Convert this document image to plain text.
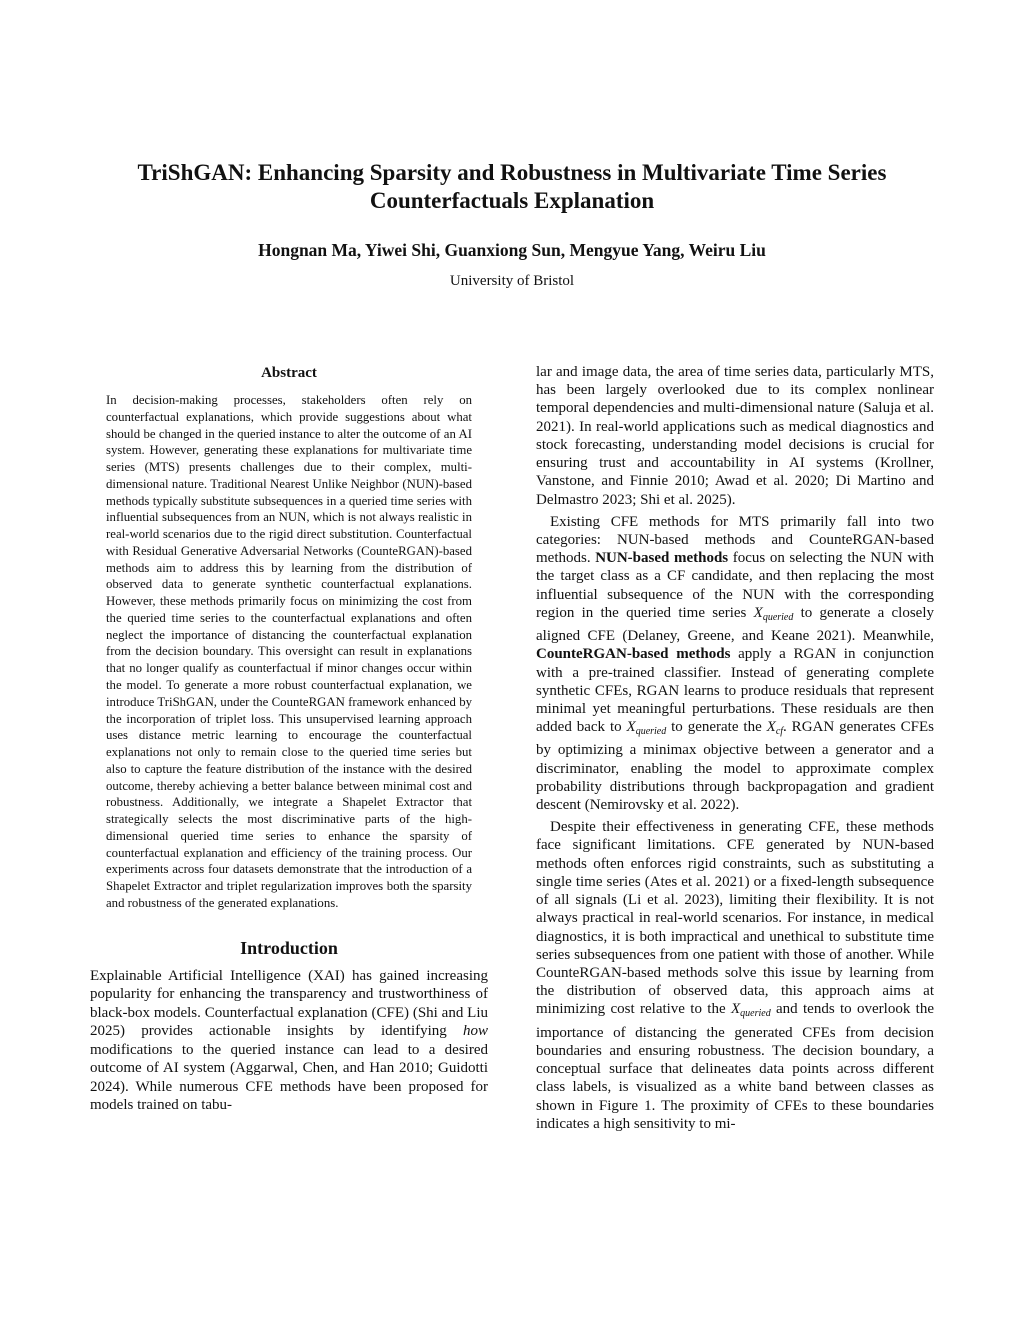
TriShGAN: Enhancing Sparsity and Robustness in Multivariate Time Series
Counterfactuals Explanation
Hongnan Ma, Yiwei Shi, Guanxiong Sun, Mengyue Yang, Weiru Liu
University of Bristol
Abstract
In decision-making processes, stakeholders often rely on counterfactual explanations, which provide suggestions about what should be changed in the queried instance to alter the outcome of an AI system. However, generating these explanations for multivariate time series (MTS) presents challenges due to their complex, multi-dimensional nature. Traditional Nearest Unlike Neighbor (NUN)-based methods typically substitute subsequences in a queried time series with influential subsequences from an NUN, which is not always realistic in real-world scenarios due to the rigid direct substitution. Counterfactual with Residual Generative Adversarial Networks (CounteRGAN)-based methods aim to address this by learning from the distribution of observed data to generate synthetic counterfactual explanations. However, these methods primarily focus on minimizing the cost from the queried time series to the counterfactual explanations and often neglect the importance of distancing the counterfactual explanation from the decision boundary. This oversight can result in explanations that no longer qualify as counterfactual if minor changes occur within the model. To generate a more robust counterfactual explanation, we introduce TriShGAN, under the CounteRGAN framework enhanced by the incorporation of triplet loss. This unsupervised learning approach uses distance metric learning to encourage the counterfactual explanations not only to remain close to the queried time series but also to capture the feature distribution of the instance with the desired outcome, thereby achieving a better balance between minimal cost and robustness. Additionally, we integrate a Shapelet Extractor that strategically selects the most discriminative parts of the high-dimensional queried time series to enhance the sparsity of counterfactual explanation and efficiency of the training process. Our experiments across four datasets demonstrate that the introduction of a Shapelet Extractor and triplet regularization improves both the sparsity and robustness of the generated explanations.
Introduction

Explainable Artificial Intelligence (XAI) has gained increasing popularity for enhancing the transparency and trustworthiness of black-box models. Counterfactual explanation (CFE) (Shi and Liu 2025) provides actionable insights by identifying how modifications to the queried instance can lead to a desired outcome of AI system (Aggarwal, Chen, and Han 2010; Guidotti 2024). While numerous CFE methods have been proposed for models trained on tabu-

lar and image data, the area of time series data, particularly MTS, has been largely overlooked due to its complex nonlinear temporal dependencies and multi-dimensional nature (Saluja et al. 2021). In real-world applications such as medical diagnostics and stock forecasting, understanding model decisions is crucial for ensuring trust and accountability in AI systems (Krollner, Vanstone, and Finnie 2010; Awad et al. 2020; Di Martino and Delmastro 2023; Shi et al. 2025).

Existing CFE methods for MTS primarily fall into two categories: NUN-based methods and CounteRGAN-based methods. NUN-based methods focus on selecting the NUN with the target class as a CF candidate, and then replacing the most influential subsequence of the NUN with the corresponding region in the queried time series $X_{queried}$ to generate a closely aligned CFE (Delaney, Greene, and Keane 2021). Meanwhile, CounteRGAN-based methods apply a RGAN in conjunction with a pre-trained classifier. Instead of generating complete synthetic CFEs, RGAN learns to produce residuals that represent minimal yet meaningful perturbations. These residuals are then added back to $X_{queried}$ to generate the $X_{cf}$. RGAN generates CFEs by optimizing a minimax objective between a generator and a discriminator, enabling the model to approximate complex probability distributions through backpropagation and gradient descent (Nemirovsky et al. 2022).

Despite their effectiveness in generating CFE, these methods face significant limitations. CFE generated by NUN-based methods often enforces rigid constraints, such as substituting a single time series (Ates et al. 2021) or a fixed-length subsequence of all signals (Li et al. 2023), limiting their flexibility. It is not always practical in real-world scenarios. For instance, in medical diagnostics, it is both impractical and unethical to substitute time series subsequences from one patient with those of another. While CounteRGAN-based methods solve this issue by learning from the distribution of observed data, this approach aims at minimizing cost relative to the $X_{queried}$ and tends to overlook the importance of distancing the generated CFEs from decision boundaries and ensuring robustness. The decision boundary, a conceptual surface that delineates data points across different class labels, is visualized as a white band between classes as shown in Figure 1. The proximity of CFEs to these boundaries indicates a high sensitivity to mi-
